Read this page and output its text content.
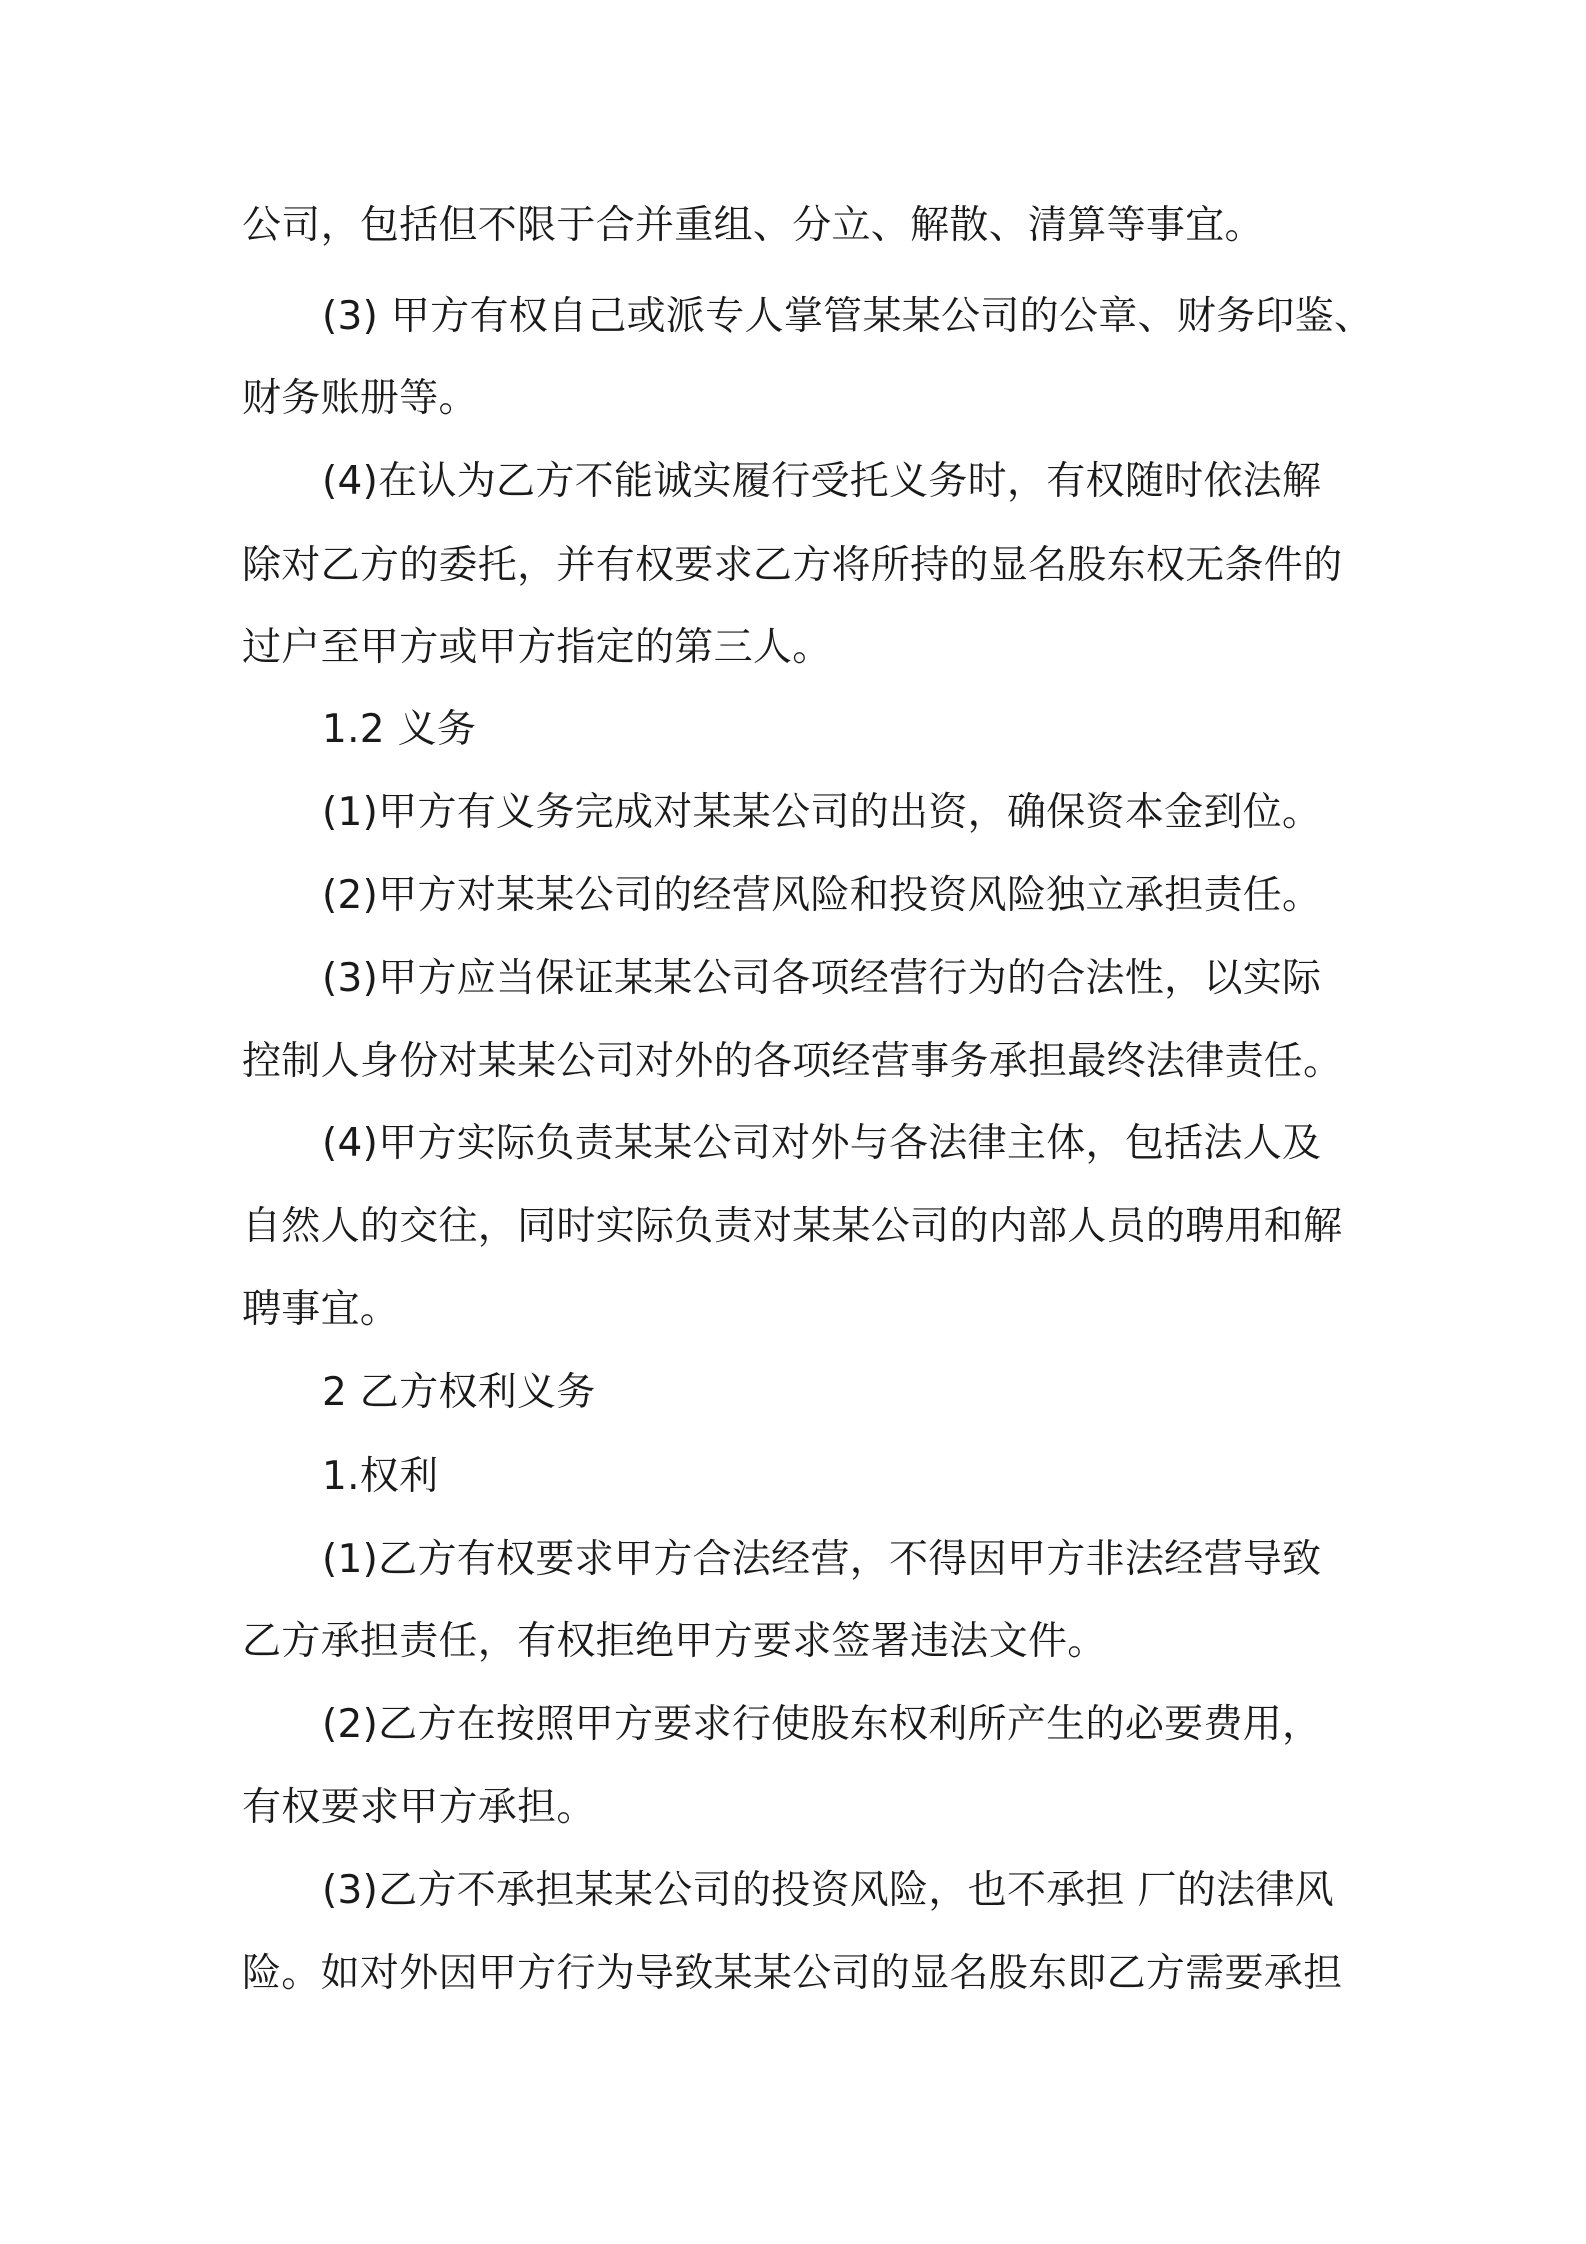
公司，包括但不限于合并重组、分立、解散、清算等事宜。
(3) 甲方有权自己或派专人掌管某某公司的公章、财务印鉴、
财务账册等。
(4)在认为乙方不能诚实履行受托义务时，有权随时依法解
除对乙方的委托，并有权要求乙方将所持的显名股东权无条件的
过户至甲方或甲方指定的第三人。
1.2 义务
(1)甲方有义务完成对某某公司的出资，确保资本金到位。
(2)甲方对某某公司的经营风险和投资风险独立承担责任。
(3)甲方应当保证某某公司各项经营行为的合法性，以实际
控制人身份对某某公司对外的各项经营事务承担最终法律责任。
(4)甲方实际负责某某公司对外与各法律主体，包括法人及
自然人的交往，同时实际负责对某某公司的内部人员的聘用和解
聘事宜。
2 乙方权利义务
1.权利
(1)乙方有权要求甲方合法经营，不得因甲方非法经营导致
乙方承担责任，有权拒绝甲方要求签署违法文件。
(2)乙方在按照甲方要求行使股东权利所产生的必要费用，
有权要求甲方承担。
(3)乙方不承担某某公司的投资风险，也不承担 厂的法律风
险。如对外因甲方行为导致某某公司的显名股东即乙方需要承担
